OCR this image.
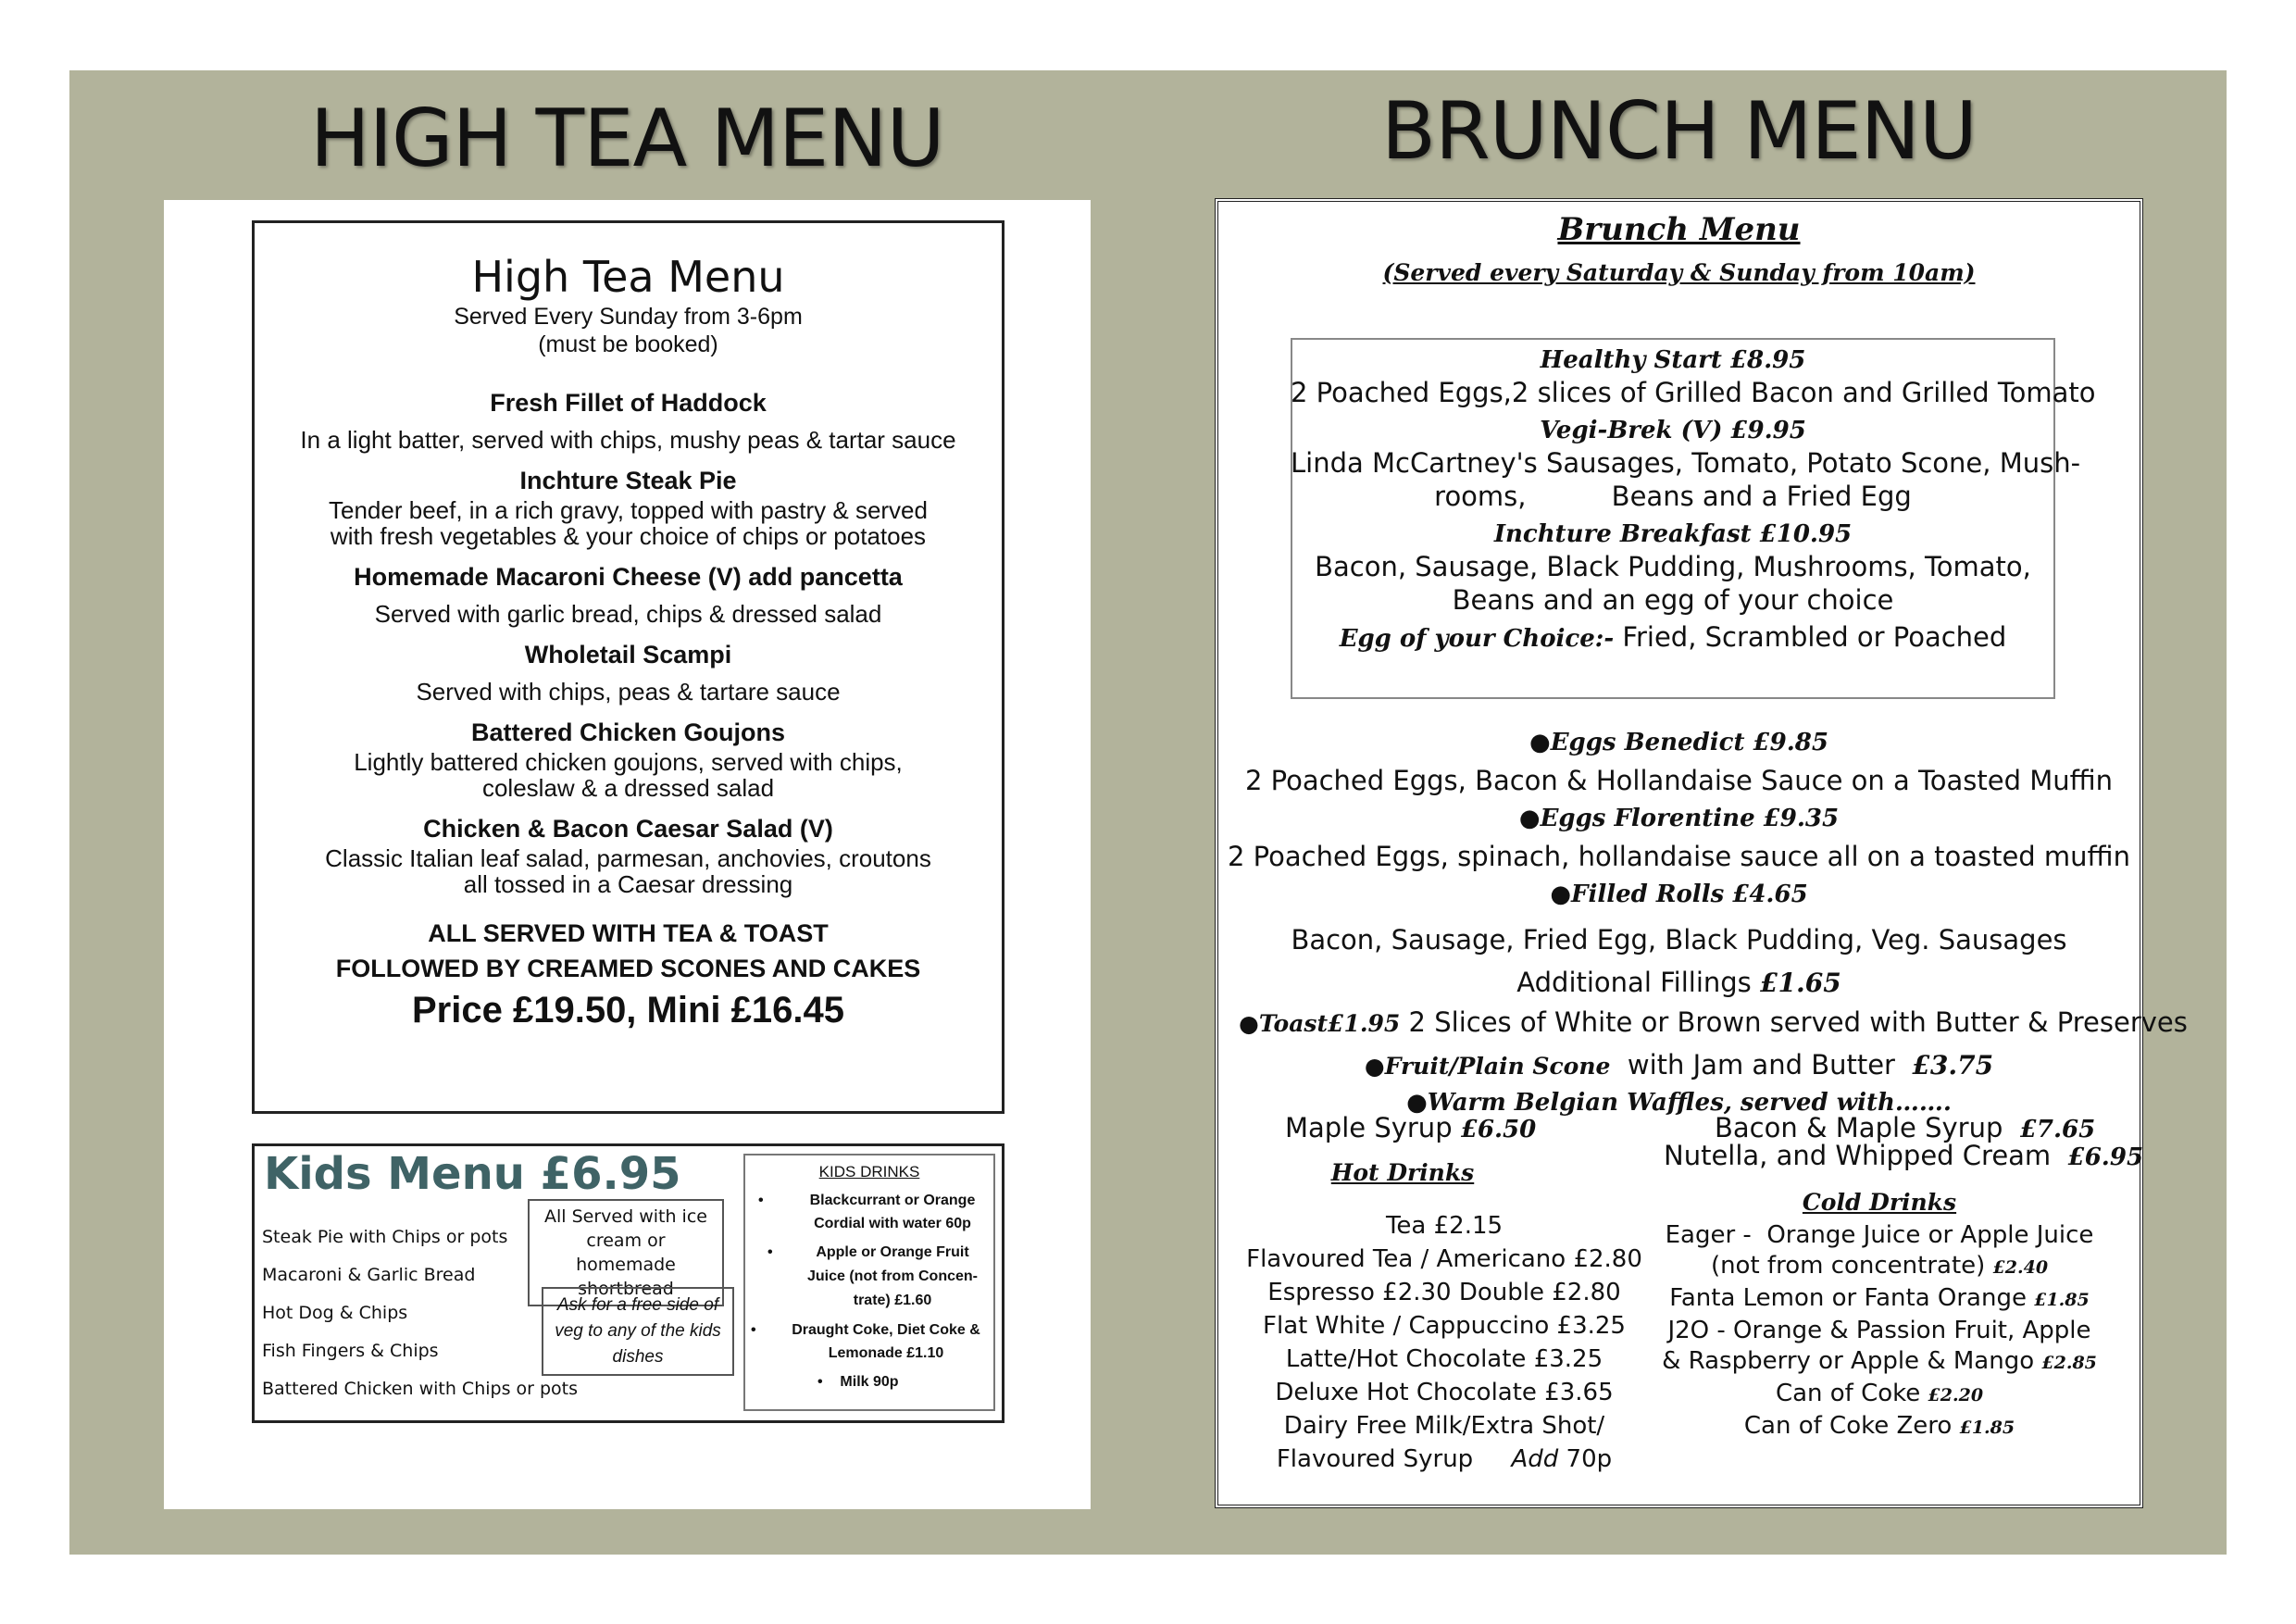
HIGH TEA MENU
High Tea Menu
Served Every Sunday from 3-6pm
(must be booked)
Fresh Fillet of Haddock
In a light batter, served with chips, mushy peas & tartar sauce
Inchture Steak Pie
Tender beef, in a rich gravy, topped with pastry & served with fresh vegetables & your choice of chips or potatoes
Homemade Macaroni Cheese (V) add pancetta
Served with garlic bread, chips & dressed salad
Wholetail Scampi
Served with chips, peas & tartare sauce
Battered Chicken Goujons
Lightly battered chicken goujons, served with chips, coleslaw & a dressed salad
Chicken & Bacon Caesar Salad (V)
Classic Italian leaf salad, parmesan, anchovies, croutons all tossed in a Caesar dressing
ALL SERVED WITH TEA & TOAST
FOLLOWED BY CREAMED SCONES AND CAKES
Price £19.50, Mini £16.45
Kids Menu £6.95
Steak Pie with Chips or pots
Macaroni & Garlic Bread
Hot Dog & Chips
Fish Fingers & Chips
Battered Chicken with Chips or pots
All Served with ice cream or homemade shortbread
Ask for a free side of veg to any of the kids dishes
KIDS DRINKS
•	Blackcurrant or Orange Cordial with water 60p
•	Apple or Orange Fruit Juice (not from Concen-trate) £1.60
• Draught Coke, Diet Coke & Lemonade £1.10
• Milk 90p
BRUNCH MENU
Brunch Menu
(Served every Saturday & Sunday from 10am)
Healthy Start £8.95
2 Poached Eggs,2 slices of Grilled Bacon and Grilled Tomato
Vegi-Brek (V) £9.95
Linda McCartney's Sausages, Tomato, Potato Scone, Mush-
rooms,          Beans and a Fried Egg
Inchture Breakfast £10.95
Bacon, Sausage, Black Pudding, Mushrooms, Tomato,
Beans and an egg of your choice
Egg of your Choice:- Fried, Scrambled or Poached
●Eggs Benedict £9.85
2 Poached Eggs, Bacon & Hollandaise Sauce on a Toasted Muffin
●Eggs Florentine £9.35
2 Poached Eggs, spinach, hollandaise sauce all on a toasted muffin
●Filled Rolls £4.65
Bacon, Sausage, Fried Egg, Black Pudding, Veg. Sausages
Additional Fillings £1.65
●Toast£1.95 2 Slices of White or Brown served with Butter & Preserves
●Fruit/Plain Scone  with Jam and Butter  £3.75
●Warm Belgian Waffles, served with…….
Maple Syrup £6.50	Bacon & Maple Syrup  £7.65
Nutella, and Whipped Cream  £6.95
Hot Drinks
Tea £2.15
Flavoured Tea / Americano £2.80
Espresso £2.30 Double £2.80
Flat White / Cappuccino £3.25
Latte/Hot Chocolate £3.25
Deluxe Hot Chocolate £3.65
Dairy Free Milk/Extra Shot/
Flavoured Syrup     Add 70p
Cold Drinks
Eager -  Orange Juice or Apple Juice
(not from concentrate) £2.40
Fanta Lemon or Fanta Orange £1.85
J2O - Orange & Passion Fruit, Apple
& Raspberry or Apple & Mango £2.85
Can of Coke £2.20
Can of Coke Zero £1.85
